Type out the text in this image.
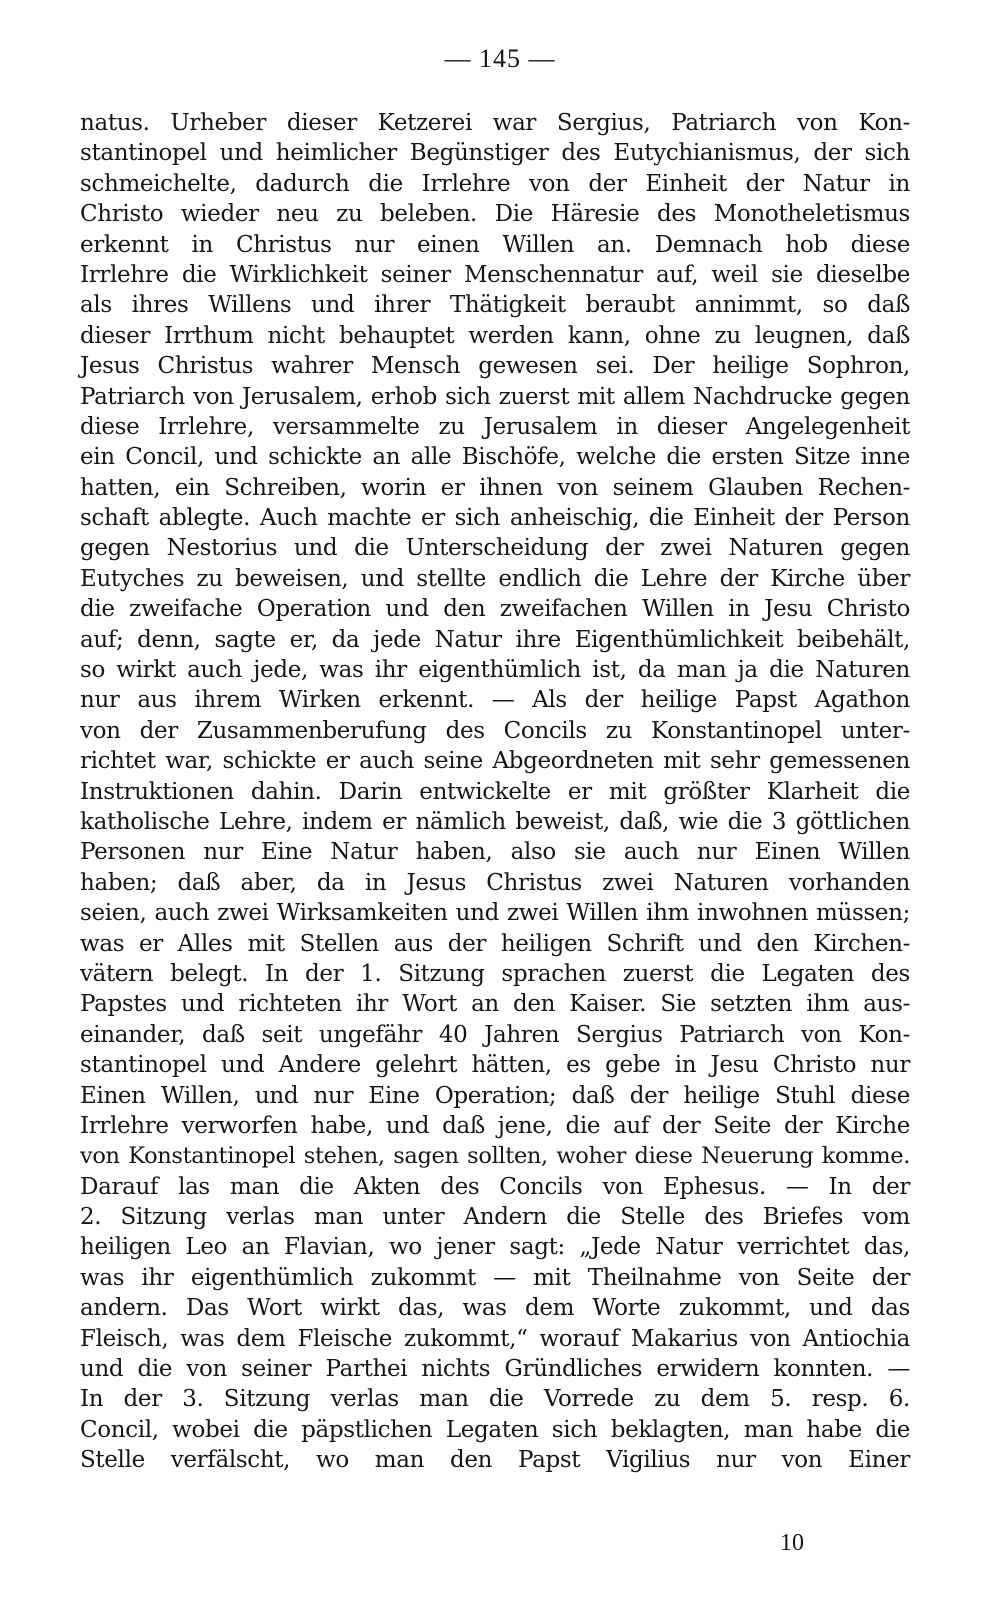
— 145 —
natus. Urheber dieser Ketzerei war Sergius, Patriarch von Kon-
stantinopel und heimlicher Begünstiger des Eutychianismus, der sich
schmeichelte, dadurch die Irrlehre von der Einheit der Natur in
Christo wieder neu zu beleben. Die Häresie des Monotheletismus
erkennt in Christus nur einen Willen an. Demnach hob diese
Irrlehre die Wirklichkeit seiner Menschennatur auf, weil sie dieselbe
als ihres Willens und ihrer Thätigkeit beraubt annimmt, so daß
dieser Irrthum nicht behauptet werden kann, ohne zu leugnen, daß
Jesus Christus wahrer Mensch gewesen sei. Der heilige Sophron,
Patriarch von Jerusalem, erhob sich zuerst mit allem Nachdrucke gegen
diese Irrlehre, versammelte zu Jerusalem in dieser Angelegenheit
ein Concil, und schickte an alle Bischöfe, welche die ersten Sitze inne
hatten, ein Schreiben, worin er ihnen von seinem Glauben Rechen-
schaft ablegte. Auch machte er sich anheischig, die Einheit der Person
gegen Nestorius und die Unterscheidung der zwei Naturen gegen
Eutyches zu beweisen, und stellte endlich die Lehre der Kirche über
die zweifache Operation und den zweifachen Willen in Jesu Christo
auf; denn, sagte er, da jede Natur ihre Eigenthümlichkeit beibehält,
so wirkt auch jede, was ihr eigenthümlich ist, da man ja die Naturen
nur aus ihrem Wirken erkennt. — Als der heilige Papst Agathon
von der Zusammenberufung des Concils zu Konstantinopel unter-
richtet war, schickte er auch seine Abgeordneten mit sehr gemessenen
Instruktionen dahin. Darin entwickelte er mit größter Klarheit die
katholische Lehre, indem er nämlich beweist, daß, wie die 3 göttlichen
Personen nur Eine Natur haben, also sie auch nur Einen Willen
haben; daß aber, da in Jesus Christus zwei Naturen vorhanden
seien, auch zwei Wirksamkeiten und zwei Willen ihm inwohnen müssen;
was er Alles mit Stellen aus der heiligen Schrift und den Kirchen-
vätern belegt. In der 1. Sitzung sprachen zuerst die Legaten des
Papstes und richteten ihr Wort an den Kaiser. Sie setzten ihm aus-
einander, daß seit ungefähr 40 Jahren Sergius Patriarch von Kon-
stantinopel und Andere gelehrt hätten, es gebe in Jesu Christo nur
Einen Willen, und nur Eine Operation; daß der heilige Stuhl diese
Irrlehre verworfen habe, und daß jene, die auf der Seite der Kirche
von Konstantinopel stehen, sagen sollten, woher diese Neuerung komme.
Darauf las man die Akten des Concils von Ephesus. — In der
2. Sitzung verlas man unter Andern die Stelle des Briefes vom
heiligen Leo an Flavian, wo jener sagt: „Jede Natur verrichtet das,
was ihr eigenthümlich zukommt — mit Theilnahme von Seite der
andern. Das Wort wirkt das, was dem Worte zukommt, und das
Fleisch, was dem Fleische zukommt,“ worauf Makarius von Antiochia
und die von seiner Parthei nichts Gründliches erwidern konnten. —
In der 3. Sitzung verlas man die Vorrede zu dem 5. resp. 6.
Concil, wobei die päpstlichen Legaten sich beklagten, man habe die
Stelle verfälscht, wo man den Papst Vigilius nur von Einer
10
